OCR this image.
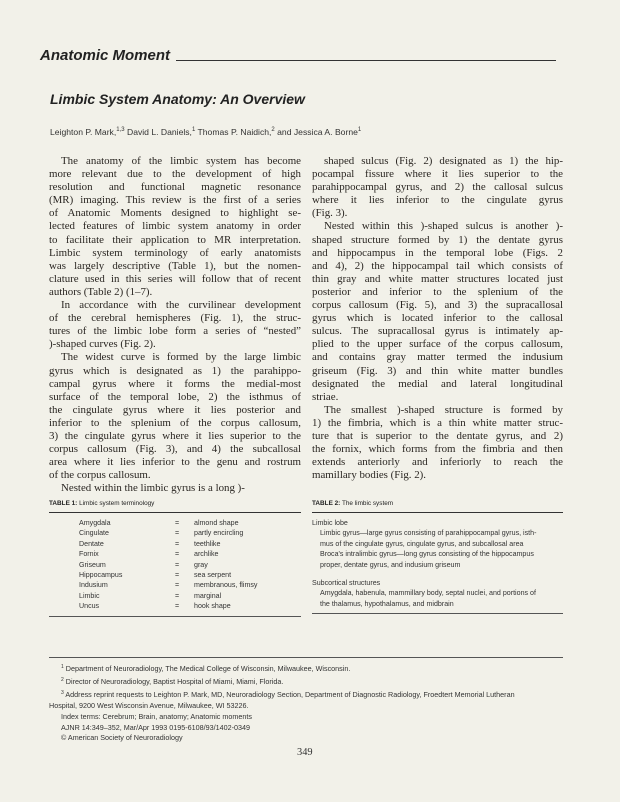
Anatomic Moment
Limbic System Anatomy: An Overview
Leighton P. Mark,$^{1,3}$ David L. Daniels,$^1$ Thomas P. Naidich,$^2$ and Jessica A. Borne$^1$
The anatomy of the limbic system has become
more relevant due to the development of high
resolution and functional magnetic resonance
(MR) imaging. This review is the first of a series
of Anatomic Moments designed to highlight se-
lected features of limbic system anatomy in order
to facilitate their application to MR interpretation.
Limbic system terminology of early anatomists
was largely descriptive (Table 1), but the nomen-
clature used in this series will follow that of recent
authors (Table 2) (1–7).
In accordance with the curvilinear development
of the cerebral hemispheres (Fig. 1), the struc-
tures of the limbic lobe form a series of “nested”
)-shaped curves (Fig. 2).
The widest curve is formed by the large limbic
gyrus which is designated as 1) the parahippo-
campal gyrus where it forms the medial-most
surface of the temporal lobe, 2) the isthmus of
the cingulate gyrus where it lies posterior and
inferior to the splenium of the corpus callosum,
3) the cingulate gyrus where it lies superior to the
corpus callosum (Fig. 3), and 4) the subcallosal
area where it lies inferior to the genu and rostrum
of the corpus callosum.
Nested within the limbic gyrus is a long )-
shaped sulcus (Fig. 2) designated as 1) the hip-
pocampal fissure where it lies superior to the
parahippocampal gyrus, and 2) the callosal sulcus
where it lies inferior to the cingulate gyrus
(Fig. 3).
Nested within this )-shaped sulcus is another )-
shaped structure formed by 1) the dentate gyrus
and hippocampus in the temporal lobe (Figs. 2
and 4), 2) the hippocampal tail which consists of
thin gray and white matter structures located just
posterior and inferior to the splenium of the
corpus callosum (Fig. 5), and 3) the supracallosal
gyrus which is located inferior to the callosal
sulcus. The supracallosal gyrus is intimately ap-
plied to the upper surface of the corpus callosum,
and contains gray matter termed the indusium
griseum (Fig. 3) and thin white matter bundles
designated the medial and lateral longitudinal
striae.
The smallest )-shaped structure is formed by
1) the fimbria, which is a thin white matter struc-
ture that is superior to the dentate gyrus, and 2)
the fornix, which forms from the fimbria and then
extends anteriorly and inferiorly to reach the
mamillary bodies (Fig. 2).
TABLE 1: Limbic system terminology
Amygdala	= almond shape
Cingulate	= partly encircling
Dentate	= teethlike
Fornix	= archlike
Griseum	= gray
Hippocampus	= sea serpent
Indusium	= membranous, flimsy
Limbic	= marginal
Uncus	= hook shape
TABLE 2: The limbic system
Limbic lobe
Limbic gyrus—large gyrus consisting of parahippocampal gyrus, isth-
mus of the cingulate gyrus, cingulate gyrus, and subcallosal area
Broca's intralimbic gyrus—long gyrus consisting of the hippocampus
proper, dentate gyrus, and indusium griseum
Subcortical structures
Amygdala, habenula, mammillary body, septal nuclei, and portions of
the thalamus, hypothalamus, and midbrain

$^1$ Department of Neuroradiology, The Medical College of Wisconsin, Milwaukee, Wisconsin.

$^2$ Director of Neuroradiology, Baptist Hospital of Miami, Miami, Florida.

$^3$ Address reprint requests to Leighton P. Mark, MD, Neuroradiology Section, Department of Diagnostic Radiology, Froedtert Memorial Lutheran

Hospital, 9200 West Wisconsin Avenue, Milwaukee, WI 53226.

Index terms: Cerebrum; Brain, anatomy; Anatomic moments

AJNR 14:349–352, Mar/Apr 1993 0195-6108/93/1402-0349

© American Society of Neuroradiology

349
